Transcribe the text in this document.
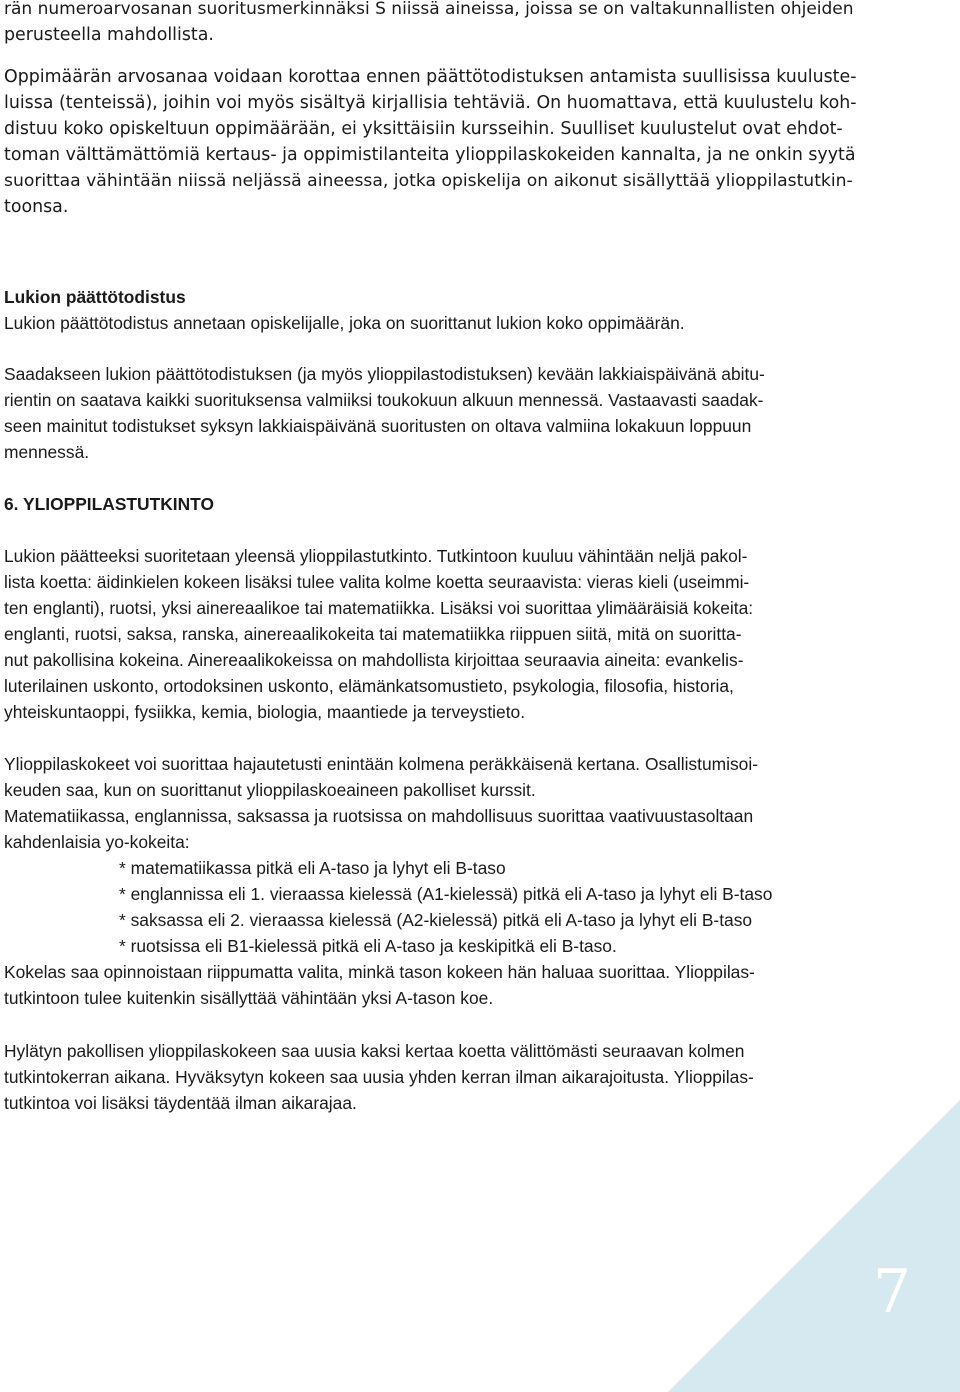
7
rän numeroarvosanan suoritusmerkinnäksi S niissä aineissa, joissa se on valtakunnallisten ohjeiden
perusteella mahdollista.
Oppimäärän arvosanaa voidaan korottaa ennen päättötodistuksen antamista suullisissa kuuluste-
luissa (tenteissä), joihin voi myös sisältyä kirjallisia tehtäviä. On huomattava, että kuulustelu koh-
distuu koko opiskeltuun oppimäärään, ei yksittäisiin kursseihin. Suulliset kuulustelut ovat ehdot-
toman välttämättömiä kertaus- ja oppimistilanteita ylioppilaskokeiden kannalta, ja ne onkin syytä
suorittaa vähintään niissä neljässä aineessa, jotka opiskelija on aikonut sisällyttää ylioppilastutkin-
toonsa.
Lukion päättötodistus
Lukion päättötodistus annetaan opiskelijalle, joka on suorittanut lukion koko oppimäärän.
Saadakseen lukion päättötodistuksen (ja myös ylioppilastodistuksen) kevään lakkiaispäivänä abitu-
rientin on saatava kaikki suorituksensa valmiiksi toukokuun alkuun mennessä. Vastaavasti saadak-
seen mainitut todistukset syksyn lakkiaispäivänä suoritusten on oltava valmiina lokakuun loppuun
mennessä.
6. YLIOPPILASTUTKINTO
Lukion päätteeksi suoritetaan yleensä ylioppilastutkinto. Tutkintoon kuuluu vähintään neljä pakol-
lista koetta: äidinkielen kokeen lisäksi tulee valita kolme koetta seuraavista: vieras kieli (useimmi-
ten englanti), ruotsi, yksi ainereaalikoe tai matematiikka. Lisäksi voi suorittaa ylimääräisiä kokeita:
englanti, ruotsi, saksa, ranska, ainereaalikokeita tai matematiikka riippuen siitä, mitä on suoritta-
nut pakollisina kokeina. Ainereaalikokeissa on mahdollista kirjoittaa seuraavia aineita: evankelis-
luterilainen uskonto, ortodoksinen uskonto, elämänkatsomustieto, psykologia, filosofia, historia,
yhteiskuntaoppi, fysiikka, kemia, biologia, maantiede ja terveystieto.
Ylioppilaskokeet voi suorittaa hajautetusti enintään kolmena peräkkäisenä kertana. Osallistumisoi-
keuden saa, kun on suorittanut ylioppilaskoeaineen pakolliset kurssit.
Matematiikassa, englannissa, saksassa ja ruotsissa on mahdollisuus suorittaa vaativuustasoltaan
kahdenlaisia yo-kokeita:
* matematiikassa pitkä eli A-taso ja lyhyt eli B-taso
* englannissa eli 1. vieraassa kielessä (A1-kielessä) pitkä eli A-taso ja lyhyt eli B-taso
* saksassa eli 2. vieraassa kielessä (A2-kielessä) pitkä eli A-taso ja lyhyt eli B-taso
* ruotsissa eli B1-kielessä pitkä eli A-taso ja keskipitkä eli B-taso.
Kokelas saa opinnoistaan riippumatta valita, minkä tason kokeen hän haluaa suorittaa. Ylioppilas-
tutkintoon tulee kuitenkin sisällyttää vähintään yksi A-tason koe.
Hylätyn pakollisen ylioppilaskokeen saa uusia kaksi kertaa koetta välittömästi seuraavan kolmen
tutkintokerran aikana. Hyväksytyn kokeen saa uusia yhden kerran ilman aikarajoitusta. Ylioppilas-
tutkintoa voi lisäksi täydentää ilman aikarajaa.
